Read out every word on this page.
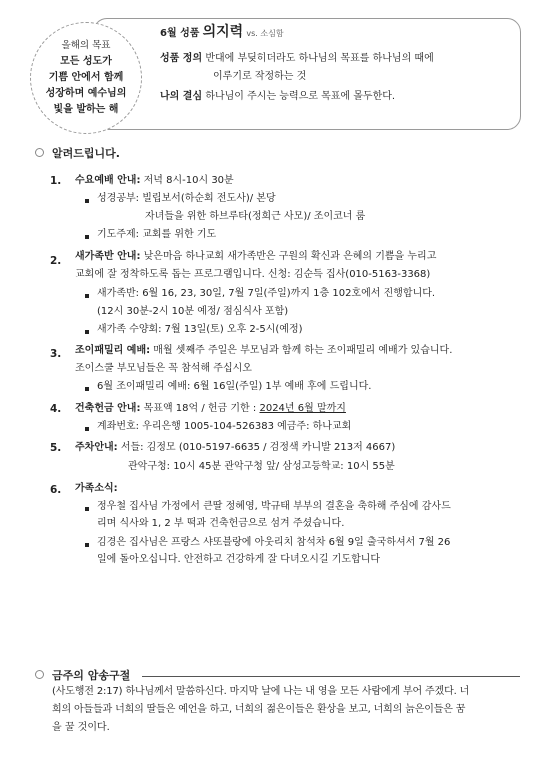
올해의 목표
모든 성도가
기쁨 안에서 함께
성장하며 예수님의
빛을 발하는 해
6월 성품 의지력 vs. 소심함
성품 정의 반대에 부딪히더라도 하나님의 목표를 하나님의 때에
이루기로 작정하는 것
나의 결심 하나님이 주시는 능력으로 목표에 몰두한다.
알려드립니다.
1. 수요예배 안내: 저녁 8시-10시 30분
성경공부: 빌립보서(하순회 전도사)/ 본당
자녀들을 위한 하브루타(정희근 사모)/ 조이코너 룸
기도주제: 교회를 위한 기도
2. 새가족반 안내: 낮은마음 하나교회 새가족반은 구원의 확신과 은혜의 기쁨을 누리고
교회에 잘 정착하도록 돕는 프로그램입니다. 신청: 김순득 집사(010-5163-3368)
새가족반: 6월 16, 23, 30일, 7월 7일(주일)까지 1층 102호에서 진행합니다.
(12시 30분-2시 10분 예정/ 점심식사 포함)
새가족 수양회: 7월 13일(토) 오후 2-5시(예정)
3. 조이패밀리 예배: 매월 셋째주 주일은 부모님과 함께 하는 조이패밀리 예배가 있습니다.
조이스쿨 부모님들은 꼭 참석해 주십시오
6월 조이패밀리 예배: 6월 16일(주일) 1부 예배 후에 드립니다.
4. 건축헌금 안내: 목표액 18억 / 헌금 기한 : 2024년 6월 말까지
계좌번호: 우리은행 1005-104-526383 예금주: 하나교회
5. 주차안내: 서들: 김정모 (010-5197-6635 / 검정색 카니발 213저 4667)
관악구청: 10시 45분 관악구청 앞/ 삼성고등학교: 10시 55분
6. 가족소식:
정우철 집사님 가정에서 큰딸 정혜영, 박규태 부부의 결혼을 축하해 주심에 감사드
리며 식사와 1, 2 부 떡과 건축헌금으로 섬겨 주셨습니다.
김경은 집사님은 프랑스 샤또블랑에 아웃리치 참석차 6월 9일 출국하셔서 7월 26
일에 돌아오십니다. 안전하고 건강하게 잘 다녀오시길 기도합니다
금주의 암송구절
(사도행전 2:17) 하나님께서 말씀하신다. 마지막 날에 나는 내 영을 모든 사람에게 부어 주겠다. 너
희의 아들들과 너희의 딸들은 예언을 하고, 너희의 젊은이들은 환상을 보고, 너희의 늙은이들은 꿈
을 꿀 것이다.
